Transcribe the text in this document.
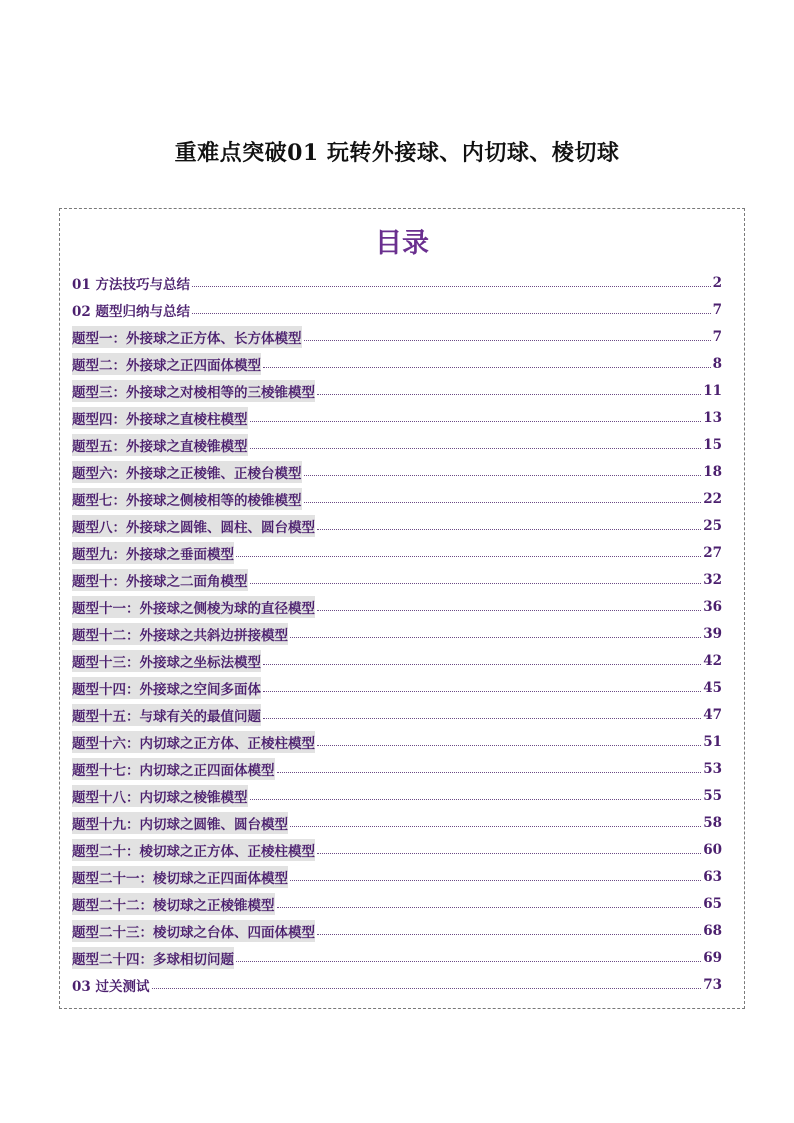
重难点突破01 玩转外接球、内切球、棱切球
目录
01 方法技巧与总结	2
02 题型归纳与总结	7
题型一：外接球之正方体、长方体模型	7
题型二：外接球之正四面体模型	8
题型三：外接球之对棱相等的三棱锥模型	11
题型四：外接球之直棱柱模型	13
题型五：外接球之直棱锥模型	15
题型六：外接球之正棱锥、正棱台模型	18
题型七：外接球之侧棱相等的棱锥模型	22
题型八：外接球之圆锥、圆柱、圆台模型	25
题型九：外接球之垂面模型	27
题型十：外接球之二面角模型	32
题型十一：外接球之侧棱为球的直径模型	36
题型十二：外接球之共斜边拼接模型	39
题型十三：外接球之坐标法模型	42
题型十四：外接球之空间多面体	45
题型十五：与球有关的最值问题	47
题型十六：内切球之正方体、正棱柱模型	51
题型十七：内切球之正四面体模型	53
题型十八：内切球之棱锥模型	55
题型十九：内切球之圆锥、圆台模型	58
题型二十：棱切球之正方体、正棱柱模型	60
题型二十一：棱切球之正四面体模型	63
题型二十二：棱切球之正棱锥模型	65
题型二十三：棱切球之台体、四面体模型	68
题型二十四：多球相切问题	69
03 过关测试	73
